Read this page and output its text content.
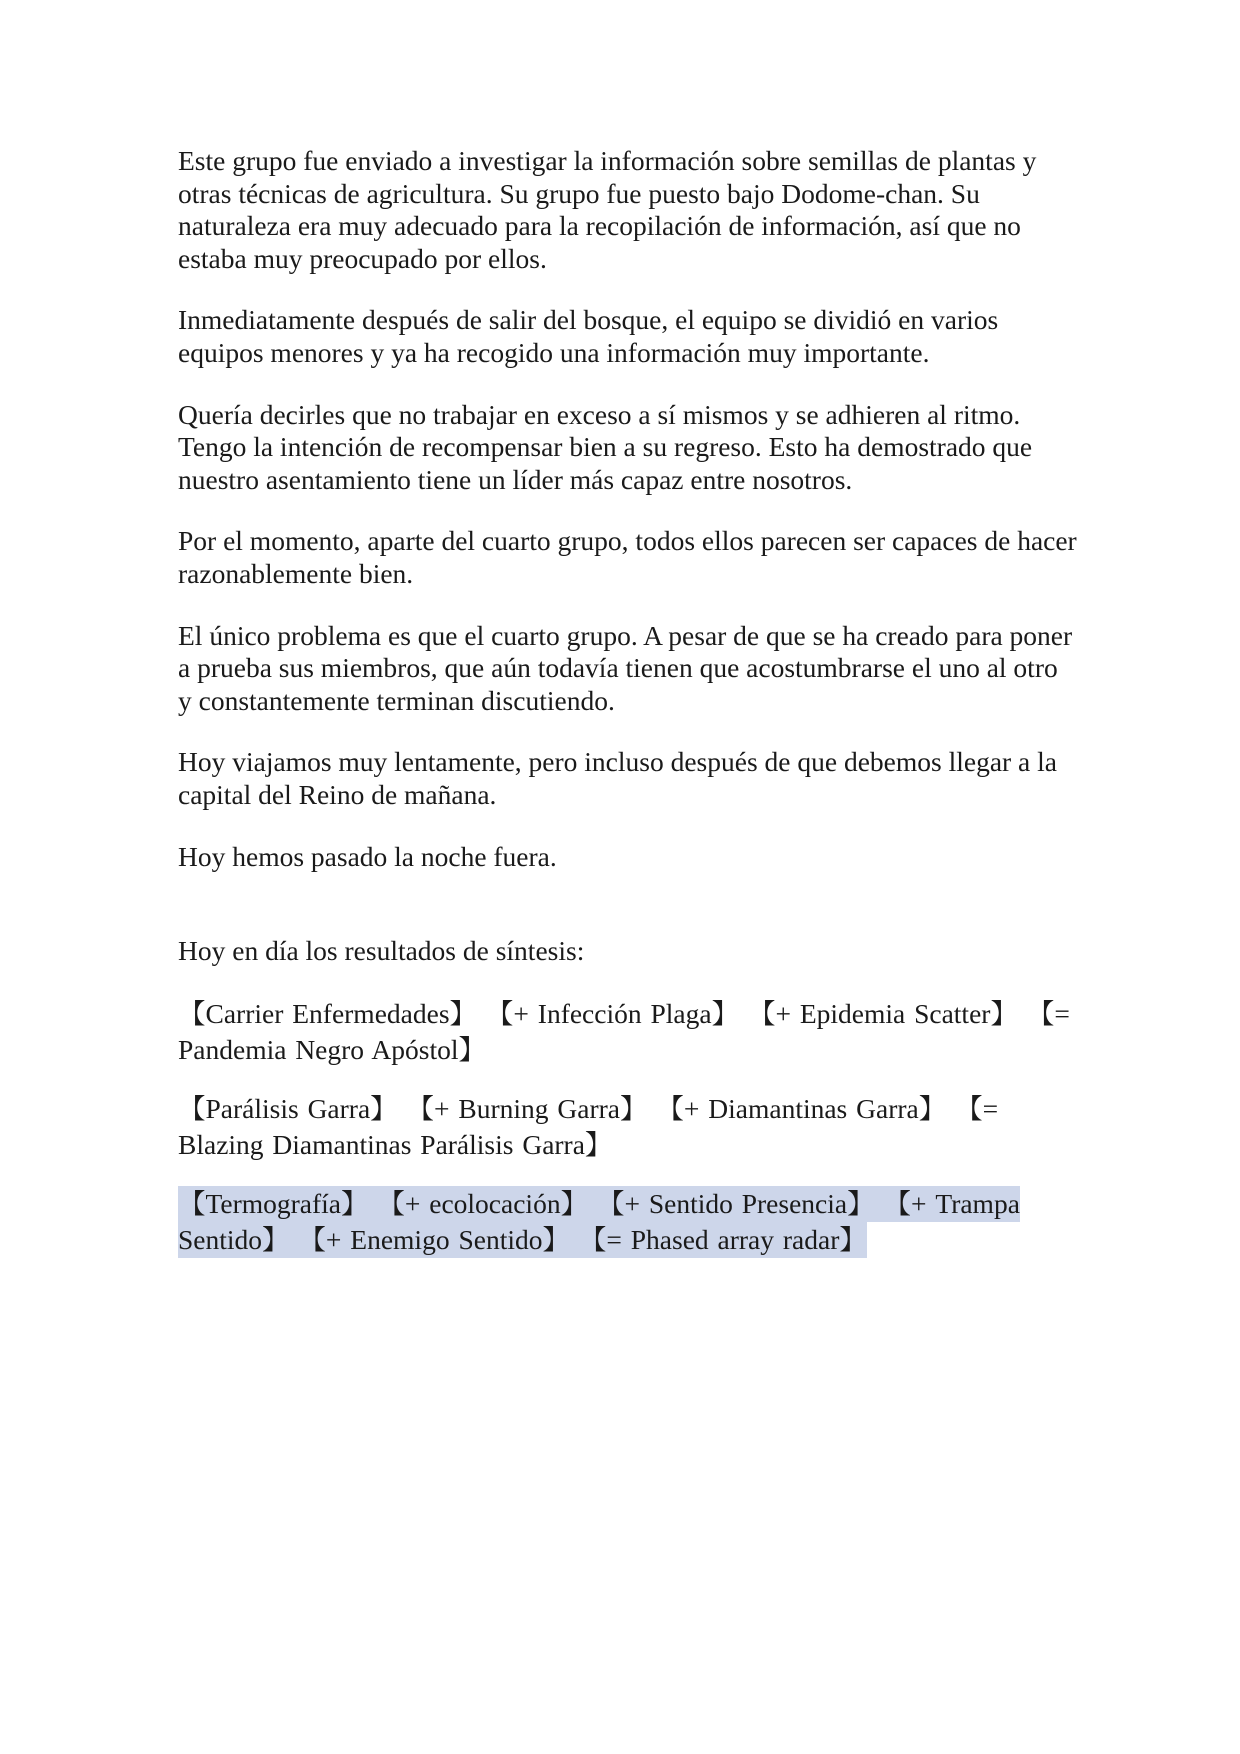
Este grupo fue enviado a investigar la información sobre semillas de plantas y otras técnicas de agricultura. Su grupo fue puesto bajo Dodome-chan. Su naturaleza era muy adecuado para la recopilación de información, así que no estaba muy preocupado por ellos.

Inmediatamente después de salir del bosque, el equipo se dividió en varios equipos menores y ya ha recogido una información muy importante.

Quería decirles que no trabajar en exceso a sí mismos y se adhieren al ritmo. Tengo la intención de recompensar bien a su regreso. Esto ha demostrado que nuestro asentamiento tiene un líder más capaz entre nosotros.

Por el momento, aparte del cuarto grupo, todos ellos parecen ser capaces de hacer razonablemente bien.

El único problema es que el cuarto grupo. A pesar de que se ha creado para poner a prueba sus miembros, que aún todavía tienen que acostumbrarse el uno al otro y constantemente terminan discutiendo.

Hoy viajamos muy lentamente, pero incluso después de que debemos llegar a la capital del Reino de mañana.

Hoy hemos pasado la noche fuera.

Hoy en día los resultados de síntesis:

【Carrier Enfermedades】 【+ Infección Plaga】 【+ Epidemia Scatter】 【= Pandemia Negro Apóstol】

【Parálisis Garra】 【+ Burning Garra】 【+ Diamantinas Garra】 【= Blazing Diamantinas Parálisis Garra】

【Termografía】 【+ ecolocación】 【+ Sentido Presencia】 【+ Trampa Sentido】 【+ Enemigo Sentido】 【= Phased array radar】
